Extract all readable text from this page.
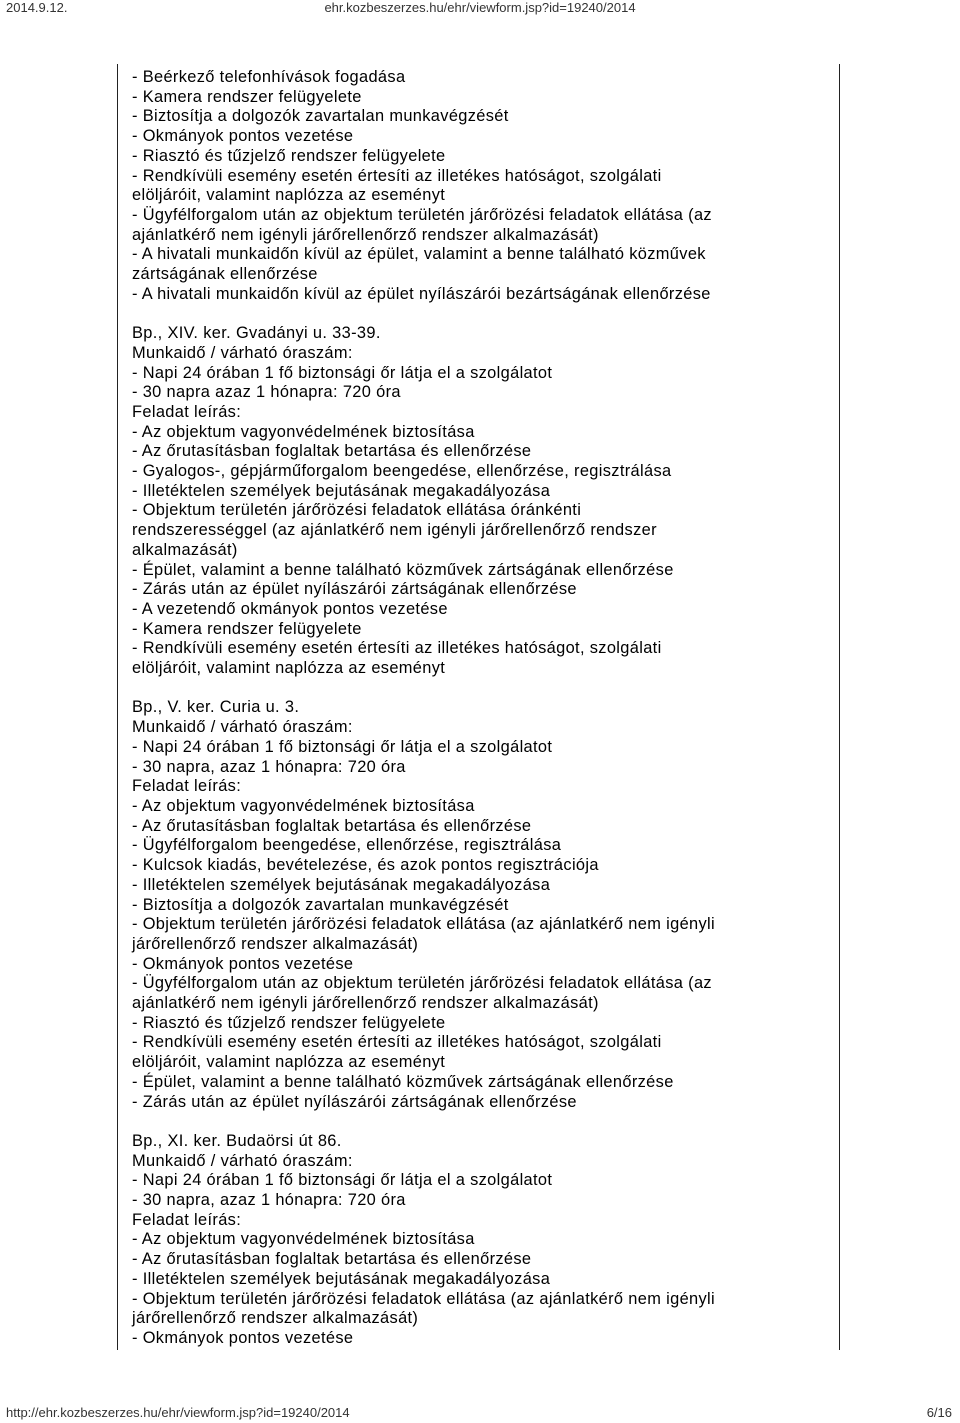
2014.9.12.	ehr.kozbeszerzes.hu/ehr/viewform.jsp?id=19240/2014
- Beérkező telefonhívások fogadása
- Kamera rendszer felügyelete
- Biztosítja a dolgozók zavartalan munkavégzését
- Okmányok pontos vezetése
- Riasztó és tűzjelző rendszer felügyelete
- Rendkívüli esemény esetén értesíti az illetékes hatóságot, szolgálati
elöljáróit, valamint naplózza az eseményt
- Ügyfélforgalom után az objektum területén járőrözési feladatok ellátása (az
ajánlatkérő nem igényli járőrellenőrző rendszer alkalmazását)
- A hivatali munkaidőn kívül az épület, valamint a benne található közművek
zártságának ellenőrzése
- A hivatali munkaidőn kívül az épület nyílászárói bezártságának ellenőrzése
Bp., XIV. ker. Gvadányi u. 33-39.
Munkaidő / várható óraszám:
- Napi 24 órában 1 fő biztonsági őr látja el a szolgálatot
- 30 napra azaz 1 hónapra: 720 óra
Feladat leírás:
- Az objektum vagyonvédelmének biztosítása
- Az őrutasításban foglaltak betartása és ellenőrzése
- Gyalogos-, gépjárműforgalom beengedése, ellenőrzése, regisztrálása
- Illetéktelen személyek bejutásának megakadályozása
- Objektum területén járőrözési feladatok ellátása óránkénti
rendszerességgel (az ajánlatkérő nem igényli járőrellenőrző rendszer
alkalmazását)
- Épület, valamint a benne található közművek zártságának ellenőrzése
- Zárás után az épület nyílászárói zártságának ellenőrzése
- A vezetendő okmányok pontos vezetése
- Kamera rendszer felügyelete
- Rendkívüli esemény esetén értesíti az illetékes hatóságot, szolgálati
elöljáróit, valamint naplózza az eseményt
Bp., V. ker. Curia u. 3.
Munkaidő / várható óraszám:
- Napi 24 órában 1 fő biztonsági őr látja el a szolgálatot
- 30 napra, azaz 1 hónapra: 720 óra
Feladat leírás:
- Az objektum vagyonvédelmének biztosítása
- Az őrutasításban foglaltak betartása és ellenőrzése
- Ügyfélforgalom beengedése, ellenőrzése, regisztrálása
- Kulcsok kiadás, bevételezése, és azok pontos regisztrációja
- Illetéktelen személyek bejutásának megakadályozása
- Biztosítja a dolgozók zavartalan munkavégzését
- Objektum területén járőrözési feladatok ellátása (az ajánlatkérő nem igényli
járőrellenőrző rendszer alkalmazását)
- Okmányok pontos vezetése
- Ügyfélforgalom után az objektum területén járőrözési feladatok ellátása (az
ajánlatkérő nem igényli járőrellenőrző rendszer alkalmazását)
- Riasztó és tűzjelző rendszer felügyelete
- Rendkívüli esemény esetén értesíti az illetékes hatóságot, szolgálati
elöljáróit, valamint naplózza az eseményt
- Épület, valamint a benne található közművek zártságának ellenőrzése
- Zárás után az épület nyílászárói zártságának ellenőrzése
Bp., XI. ker. Budaörsi út 86.
Munkaidő / várható óraszám:
- Napi 24 órában 1 fő biztonsági őr látja el a szolgálatot
- 30 napra, azaz 1 hónapra: 720 óra
Feladat leírás:
- Az objektum vagyonvédelmének biztosítása
- Az őrutasításban foglaltak betartása és ellenőrzése
- Illetéktelen személyek bejutásának megakadályozása
- Objektum területén járőrözési feladatok ellátása (az ajánlatkérő nem igényli
járőrellenőrző rendszer alkalmazását)
- Okmányok pontos vezetése
http://ehr.kozbeszerzes.hu/ehr/viewform.jsp?id=19240/2014	6/16
